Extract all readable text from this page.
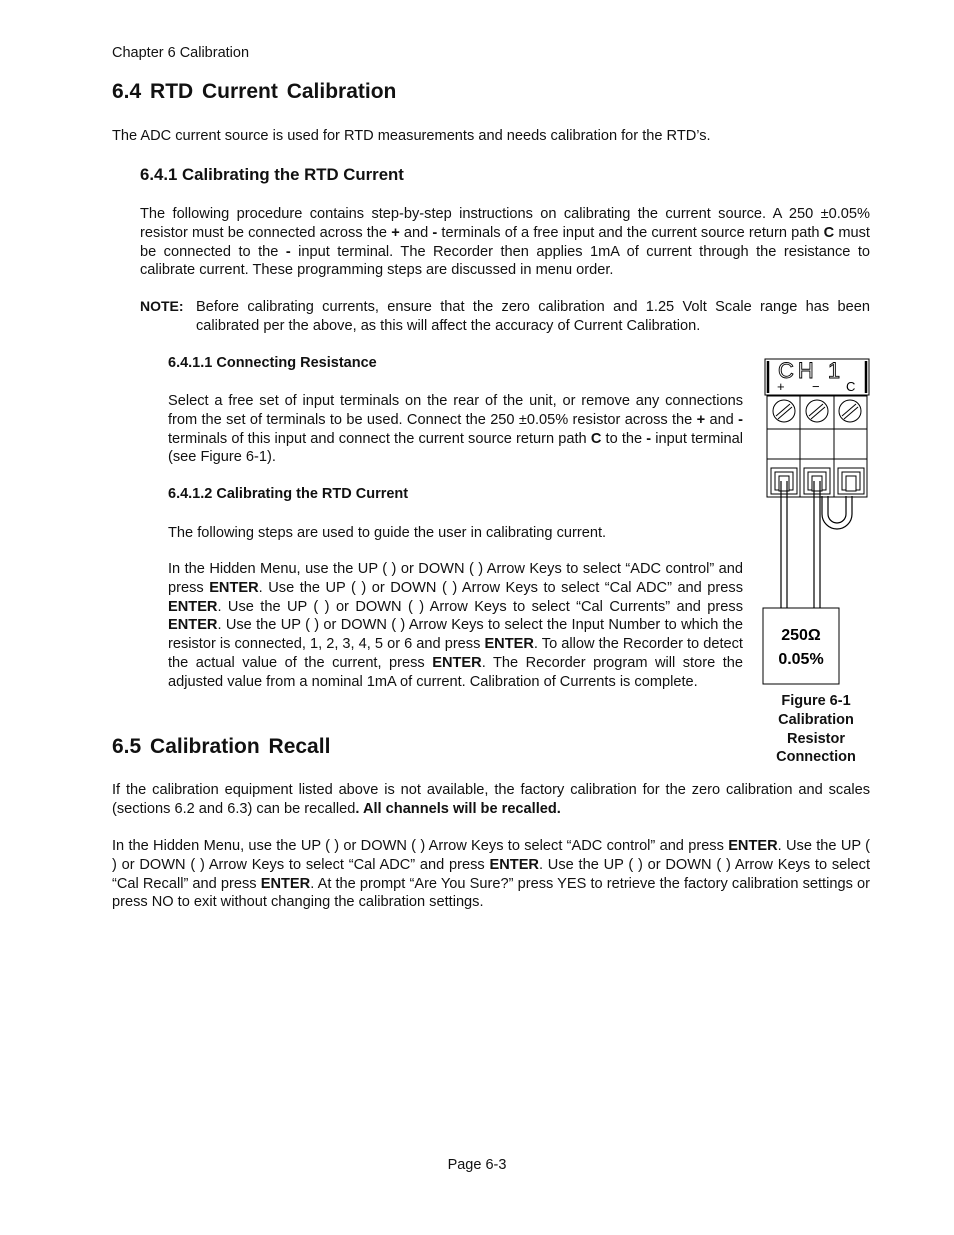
Chapter 6 Calibration
6.4 RTD Current Calibration
The ADC current source is used for RTD measurements and needs calibration for the RTD’s.
6.4.1 Calibrating the RTD Current
The following procedure contains step-by-step instructions on calibrating the current source. A 250 ±0.05% resistor must be connected across the + and - terminals of a free input and the current source return path C must be connected to the - input terminal. The Recorder then applies 1mA of current through the resistance to calibrate current. These programming steps are discussed in menu order.
NOTE: Before calibrating currents, ensure that the zero calibration and 1.25 Volt Scale range has been calibrated per the above, as this will affect the accuracy of Current Calibration.
6.4.1.1 Connecting Resistance
Select a free set of input terminals on the rear of the unit, or remove any connections from the set of terminals to be used. Connect the 250 ±0.05% resistor across the + and - terminals of this input and connect the current source return path C to the - input terminal (see Figure 6-1).
6.4.1.2 Calibrating the RTD Current
The following steps are used to guide the user in calibrating current.
In the Hidden Menu, use the UP ( ) or DOWN ( ) Arrow Keys to select “ADC control” and press ENTER. Use the UP ( ) or DOWN ( ) Arrow Keys to select “Cal ADC” and press ENTER. Use the UP ( ) or DOWN ( ) Arrow Keys to select “Cal Currents” and press ENTER. Use the UP ( ) or DOWN ( ) Arrow Keys to select the Input Number to which the resistor is connected, 1, 2, 3, 4, 5 or 6 and press ENTER. To allow the Recorder to detect the actual value of the current, press ENTER. The Recorder program will store the adjusted value from a nominal 1mA of current. Calibration of Currents is complete.
CH 1
+ − C
250Ω
0.05%
Figure 6-1
Calibration
Resistor
Connection
6.5 Calibration Recall
If the calibration equipment listed above is not available, the factory calibration for the zero calibration and scales (sections 6.2 and 6.3) can be recalled. All channels will be recalled.
In the Hidden Menu, use the UP ( ) or DOWN ( ) Arrow Keys to select “ADC control” and press ENTER. Use the UP ( ) or DOWN ( ) Arrow Keys to select “Cal ADC” and press ENTER. Use the UP ( ) or DOWN ( ) Arrow Keys to select “Cal Recall” and press ENTER. At the prompt “Are You Sure?” press YES to retrieve the factory calibration settings or press NO to exit without changing the calibration settings.
Page 6-3
